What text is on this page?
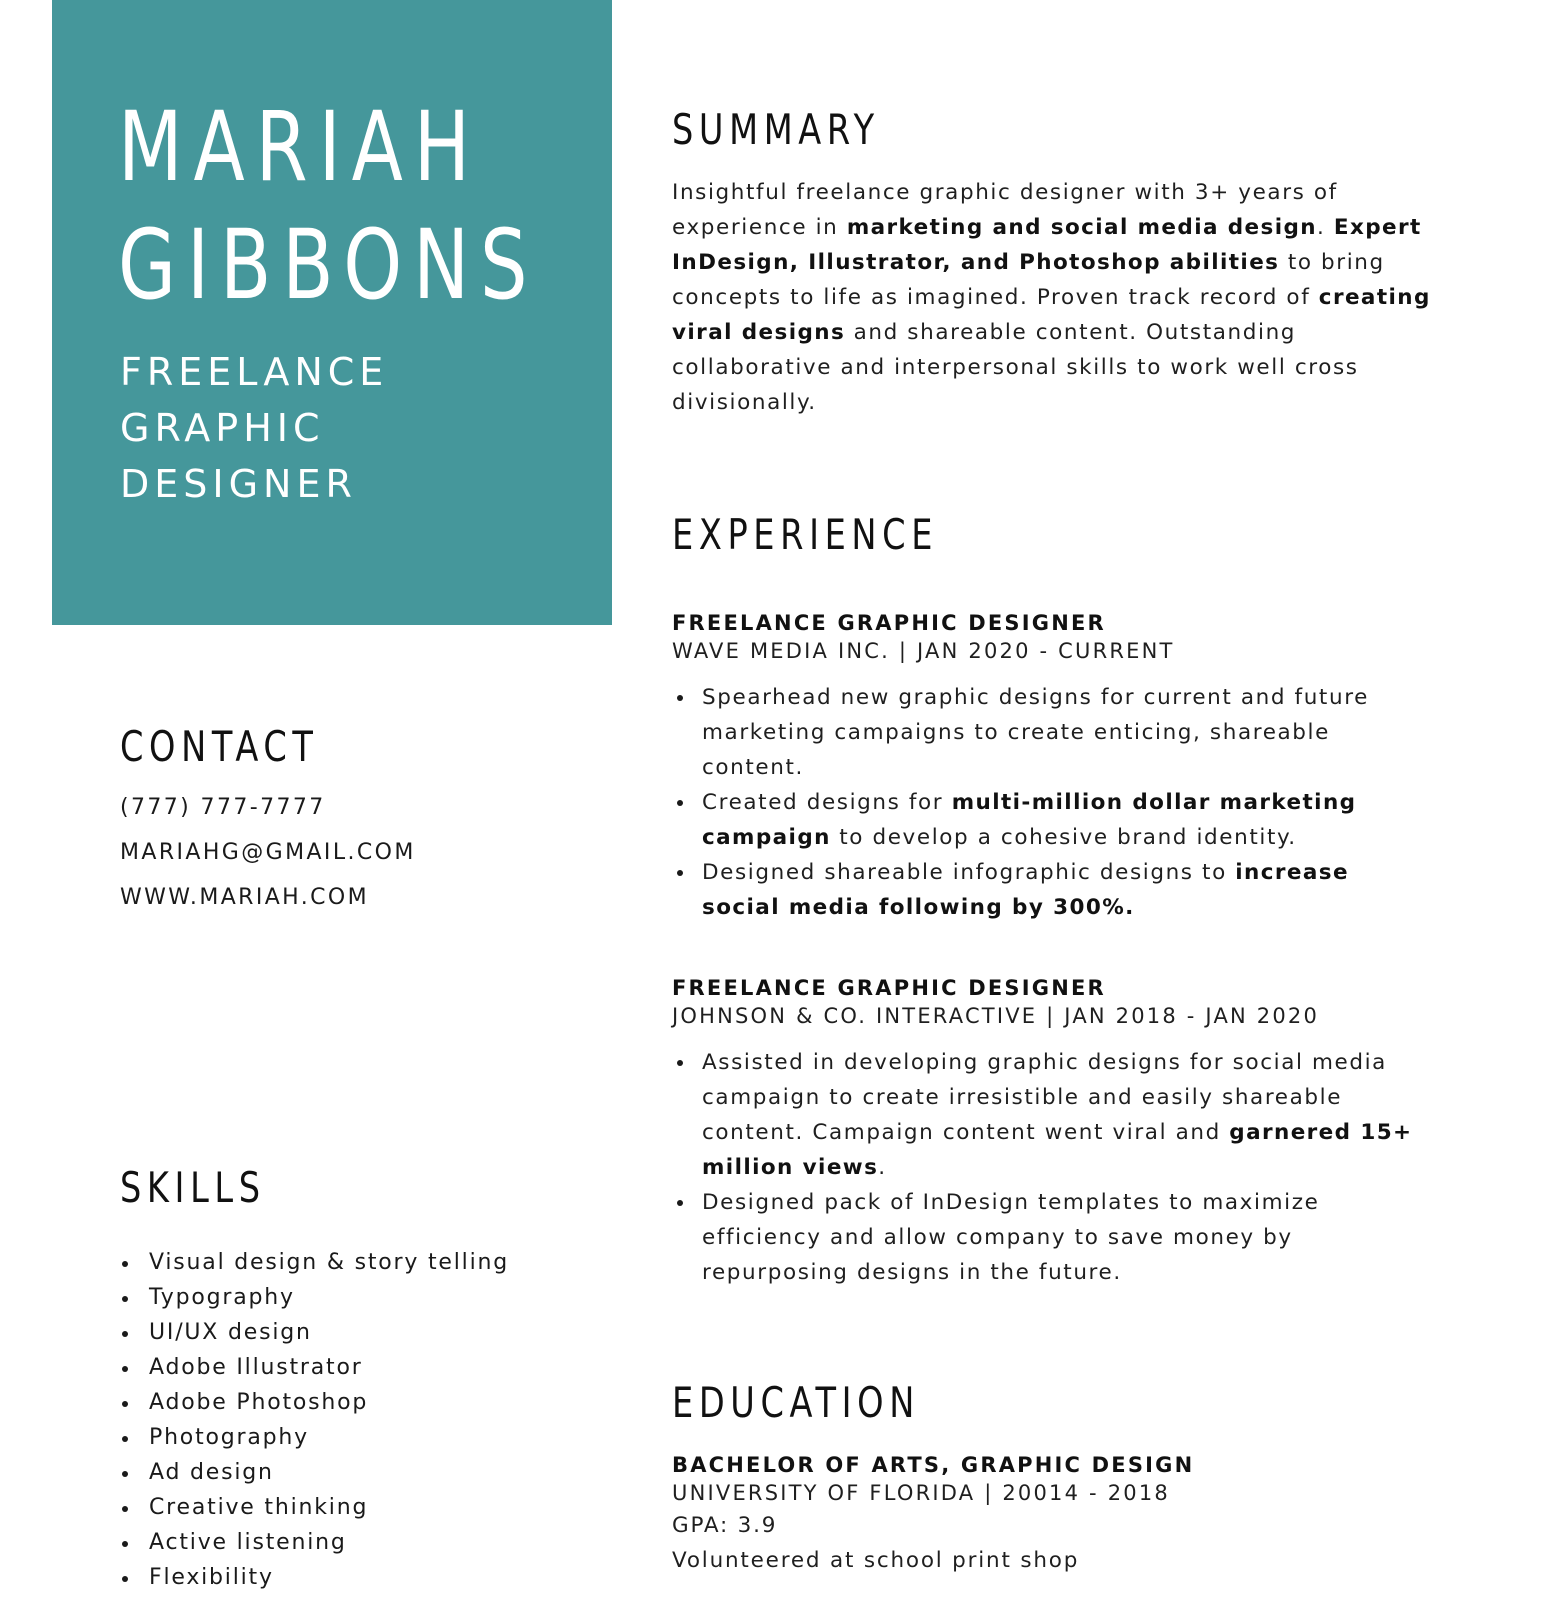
MARIAH
GIBBONS
FREELANCE
GRAPHIC
DESIGNER
CONTACT
(777) 777-7777
MARIAHG@GMAIL.COM
WWW.MARIAH.COM
SKILLS
Visual design & story telling
Typography
UI/UX design
Adobe Illustrator
Adobe Photoshop
Photography
Ad design
Creative thinking
Active listening
Flexibility
SUMMARY

Insightful freelance graphic designer with 3+ years of experience in marketing and social media design. Expert InDesign, Illustrator, and Photoshop abilities to bring concepts to life as imagined. Proven track record of creating viral designs and shareable content. Outstanding collaborative and interpersonal skills to work well cross divisionally.

EXPERIENCE
FREELANCE GRAPHIC DESIGNER
WAVE MEDIA INC. | JAN 2020 - CURRENT
Spearhead new graphic designs for current and future marketing campaigns to create enticing, shareable content.
Created designs for multi-million dollar marketing campaign to develop a cohesive brand identity.
Designed shareable infographic designs to increase social media following by 300%.
FREELANCE GRAPHIC DESIGNER
JOHNSON & CO. INTERACTIVE | JAN 2018 - JAN 2020
Assisted in developing graphic designs for social media campaign to create irresistible and easily shareable content. Campaign content went viral and garnered 15+ million views.
Designed pack of InDesign templates to maximize efficiency and allow company to save money by repurposing designs in the future.
EDUCATION
BACHELOR OF ARTS, GRAPHIC DESIGN
UNIVERSITY OF FLORIDA | 20014 - 2018
GPA: 3.9
Volunteered at school print shop
